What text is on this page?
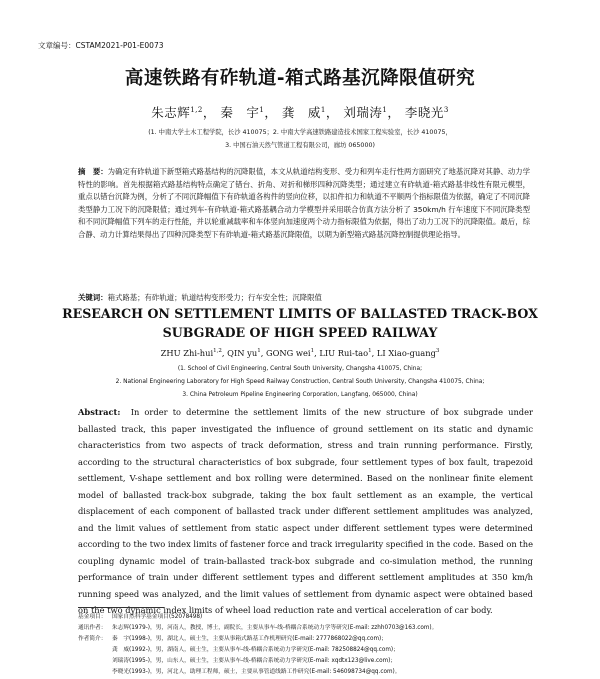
文章编号：CSTAM2021-P01-E0073
高速铁路有砟轨道-箱式路基沉降限值研究
朱志辉$^{1,2}$， 秦　宇$^1$， 龚　威$^1$， 刘瑞涛$^1$， 李晓光$^3$
(1. 中南大学土木工程学院，长沙 410075；2. 中南大学高速铁路建造技术国家工程实验室，长沙 410075，
3. 中国石油天然气管道工程有限公司，廊坊 065000)
摘　要：为确定有砟轨道下新型箱式路基结构的沉降限值，本文从轨道结构变形、受力和列车走行性两方面研究了地基沉降对其静、动力学特性的影响。首先根据箱式路基结构特点确定了错台、折角、对折和梯形四种沉降类型；通过建立有砟轨道-箱式路基非线性有限元模型，重点以错台沉降为例，分析了不同沉降幅值下有砟轨道各构件的竖向位移，以扣件扣力和轨道不平顺两个指标限值为依据，确定了不同沉降类型静力工况下的沉降限值；通过列车-有砟轨道-箱式路基耦合动力学模型并采用联合仿真方法分析了 350km/h 行车速度下不同沉降类型和不同沉降幅值下列车的走行性能，并以轮重减载率和车体竖向加速度两个动力指标限值为依据，得出了动力工况下的沉降限值。最后，综合静、动力计算结果得出了四种沉降类型下有砟轨道-箱式路基沉降限值，以期为新型箱式路基沉降控制提供理论指导。
关键词：箱式路基；有砟轨道；轨道结构变形受力；行车安全性；沉降限值
RESEARCH ON SETTLEMENT LIMITS OF BALLASTED TRACK-BOX
SUBGRADE OF HIGH SPEED RAILWAY
ZHU Zhi-hui$^{1,2}$, QIN $yu^1$, GONG wei$^1$, LIU Rui-tao$^1$, LI Xiao-guang$^3$
(1. School of Civil Engineering, Central South University, Changsha 410075, China;
2. National Engineering Laboratory for High Speed Railway Construction, Central South University, Changsha 410075, China;
3. China Petroleum Pipeline Engineering Corporation, Langfang, 065000, China)
Abstract: In order to determine the settlement limits of the new structure of box subgrade under ballasted track, this paper investigated the influence of ground settlement on its static and dynamic characteristics from two aspects of track deformation, stress and train running performance. Firstly, according to the structural characteristics of box subgrade, four settlement types of box fault, trapezoid settlement, V-shape settlement and box rolling were determined. Based on the nonlinear finite element model of ballasted track-box subgrade, taking the box fault settlement as an example, the vertical displacement of each component of ballasted track under different settlement amplitudes was analyzed, and the limit values of settlement from static aspect under different settlement types were determined according to the two index limits of fastener force and track irregularity specified in the code. Based on the coupling dynamic model of train-ballasted track-box subgrade and co-simulation method, the running performance of train under different settlement types and different settlement amplitudes at 350 km/h running speed was analyzed, and the limit values of settlement from dynamic aspect were obtained based on the two dynamic index limits of wheel load reduction rate and vertical acceleration of car body.
基金项目： 国家自然科学基金项目(52078498)
通讯作者： 朱志辉(1979-)，男，河南人，教授，博士，副院长，主要从事车-线-桥耦合系统动力学等研究(E-mail: zzhh0703@163.com)。
作者简介： 秦　宇(1998-)，男，湖北人，硕士生，主要从事箱式路基工作机理研究(E-mail: 2777868022@qq.com)；
龚　威(1992-)，男，湖南人，硕士生，主要从事车-线-桥耦合系统动力学研究(E-mail: 782508824@qq.com)；
刘瑞涛(1995-)，男，山东人，硕士生，主要从事车-线-桥耦合系统动力学研究(E-mail: xqdtx123@live.com)；
李晓光(1993-)，男，河北人，助理工程师，硕士，主要从事管道线路工作研究(E-mail: 546098734@qq.com)。
